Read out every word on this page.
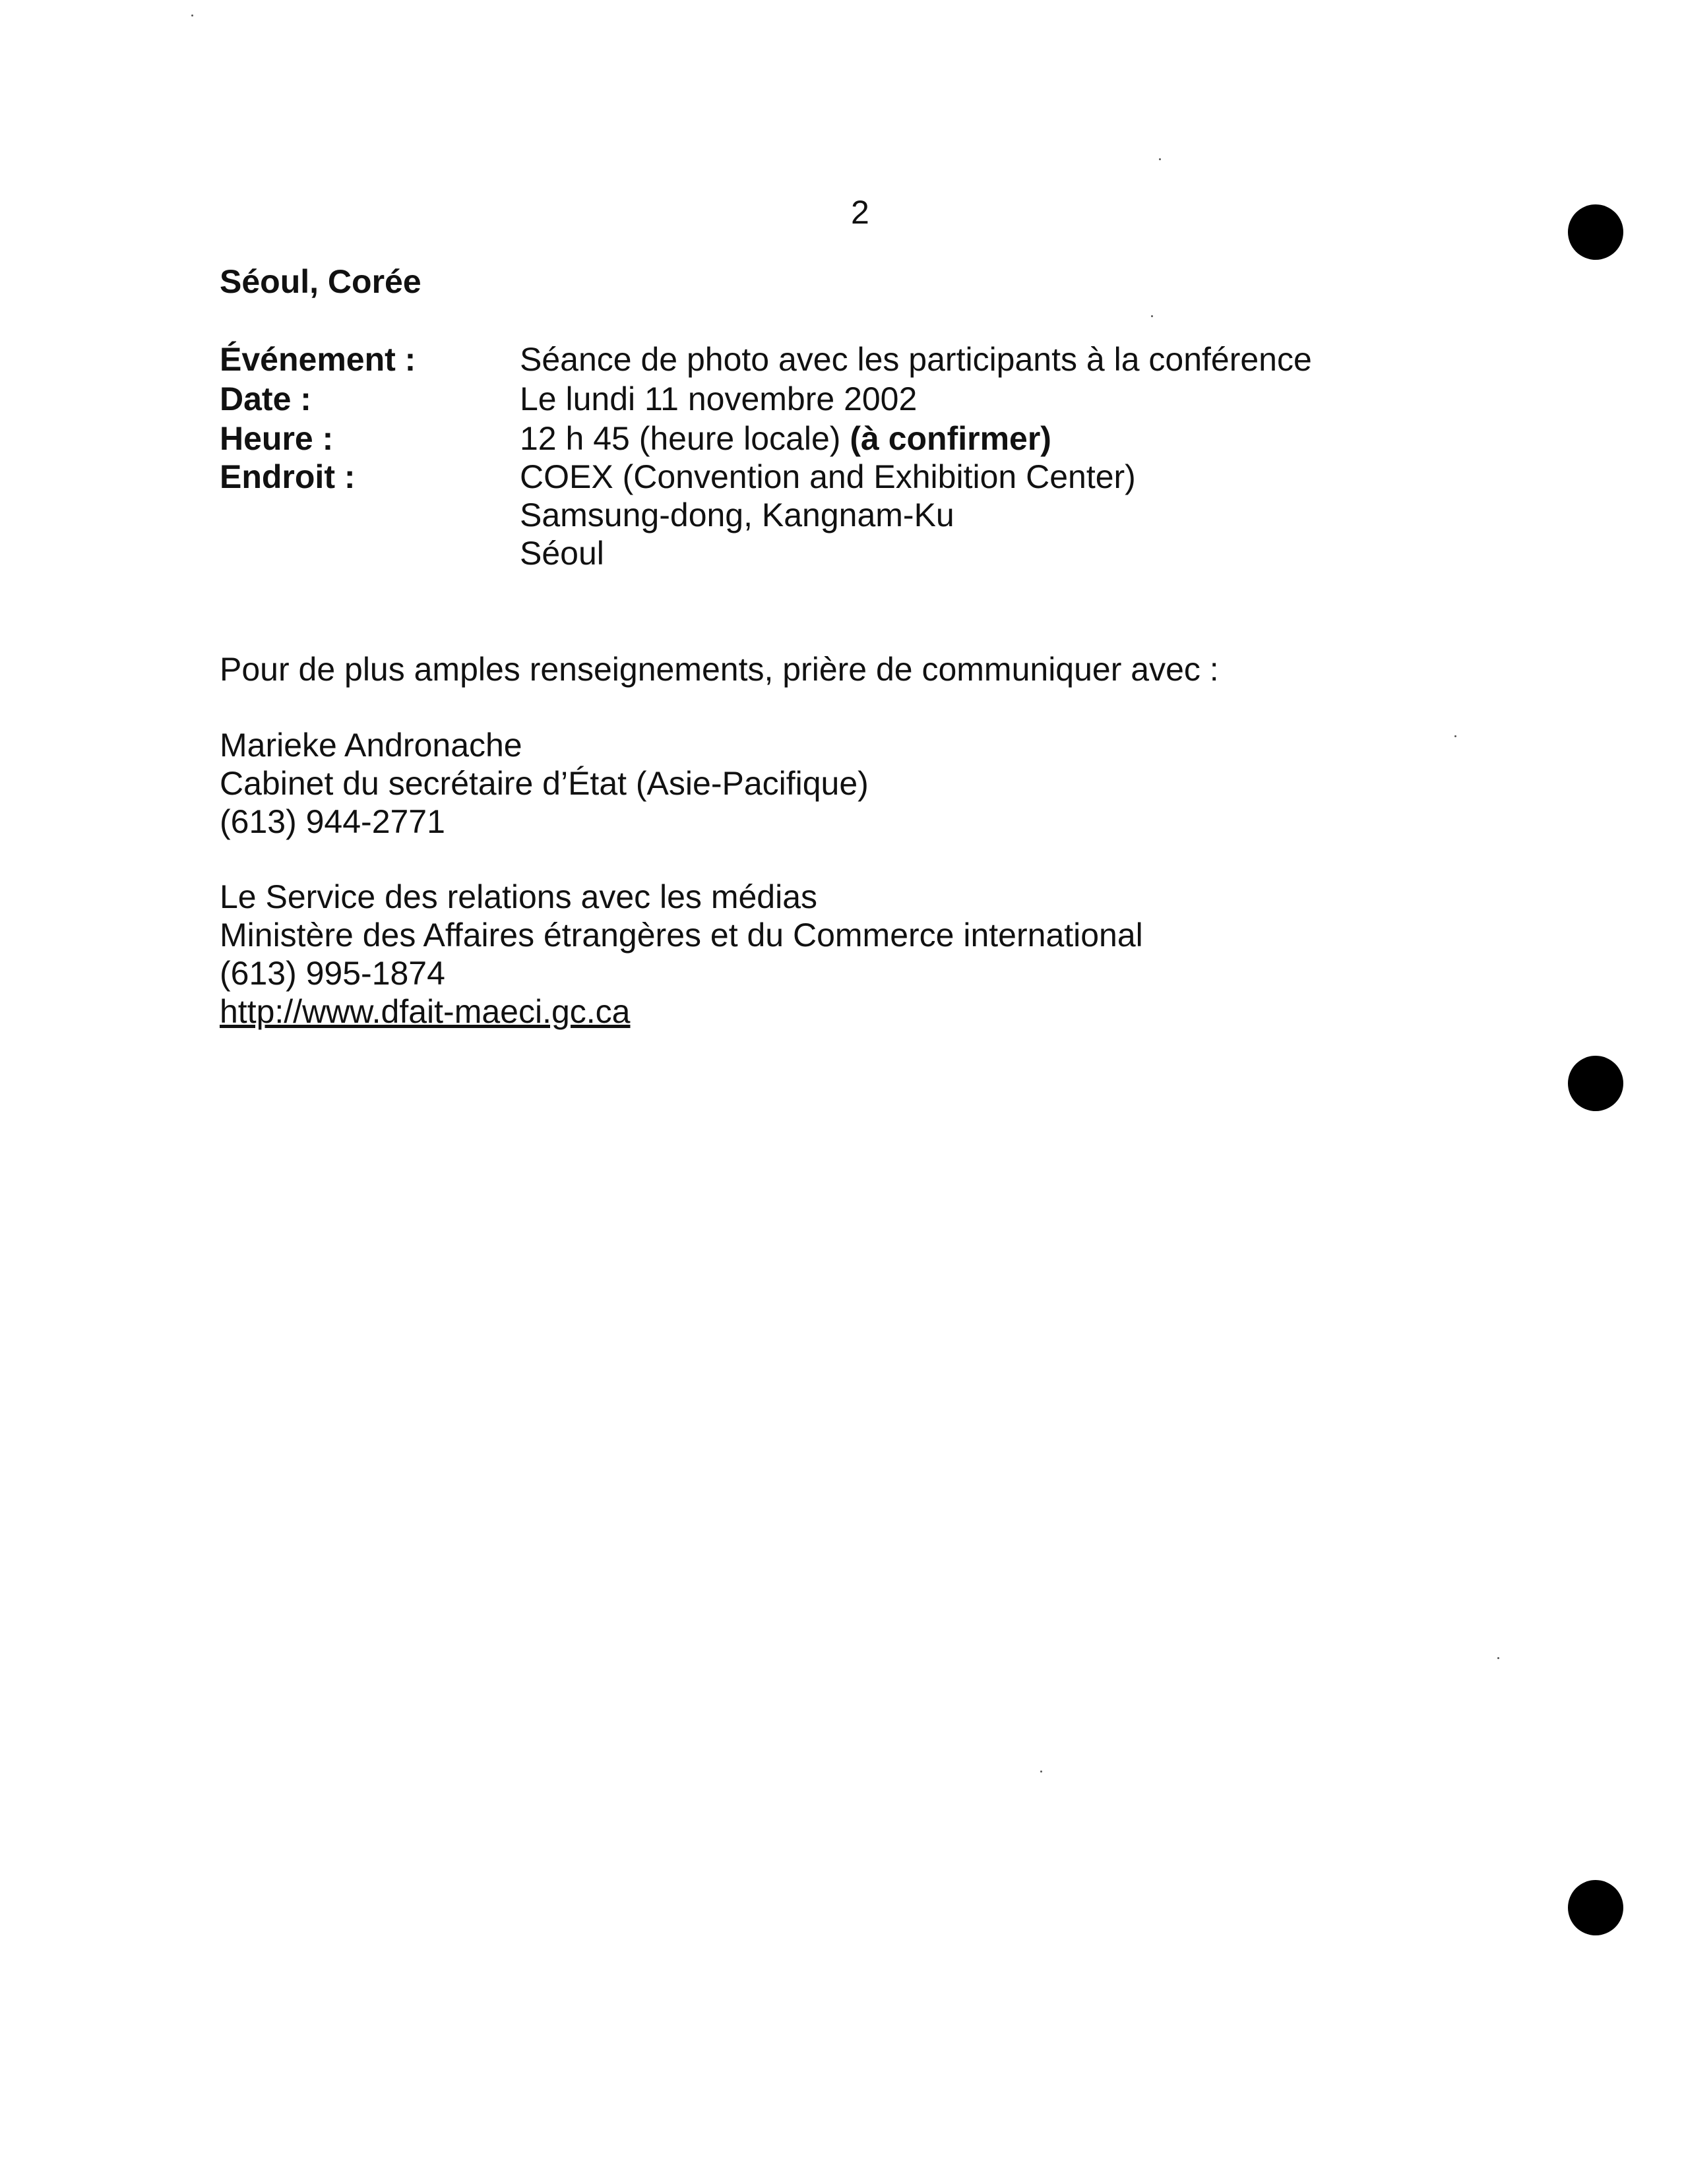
2
Séoul, Corée
Événement :	Séance de photo avec les participants à la conférence
Date :	Le lundi 11 novembre 2002
Heure :	12 h 45 (heure locale) (à confirmer)
Endroit :	COEX (Convention and Exhibition Center)
Samsung-dong, Kangnam-Ku
Séoul
Pour de plus amples renseignements, prière de communiquer avec :
Marieke Andronache
Cabinet du secrétaire d’État (Asie-Pacifique)
(613) 944-2771
Le Service des relations avec les médias
Ministère des Affaires étrangères et du Commerce international
(613) 995-1874
http://www.dfait-maeci.gc.ca
